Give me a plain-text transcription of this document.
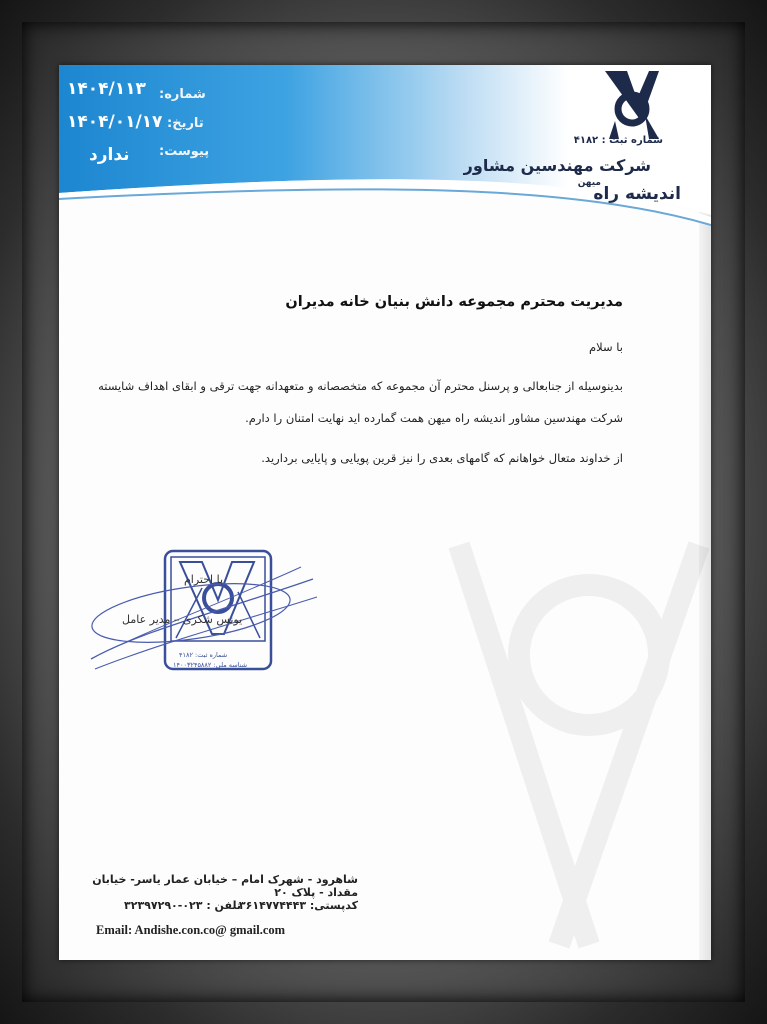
شماره:
۱۴۰۴/۱۱۳
تاریخ:
۱۴۰۴/۰۱/۱۷
پیوست:
ندارد
شماره ثبت : ۴۱۸۲
شرکت مهندسین مشاور
میهن
اندیشه راه
مدیریت محترم مجموعه دانش بنیان خانه مدیران
با سلام
بدینوسیله از جنابعالی و پرسنل محترم آن مجموعه که متخصصانه و متعهدانه جهت ترقی و ابقای اهداف شایسته
شرکت مهندسین مشاور اندیشه راه میهن همت گمارده اید نهایت امتنان را دارم.
از خداوند متعال خواهانم که گامهای بعدی را نیز قرین پویایی و پایایی بردارید.
شماره ثبت: ۴۱۸۲
شناسه ملی: ۱۴۰۰۳۲۴۵۸۸۲
با احترام
یونس شکری – مدیر عامل
شاهرود - شهرک امام – خیابان عمار یاسر- خیابان مقداد - پلاک ۲۰
کدپستی: ۳۶۱۴۷۷۴۴۴۳
تلفن : ۰۲۳-۳۲۳۹۷۲۹۰
Email: Andishe.con.co@ gmail.com
